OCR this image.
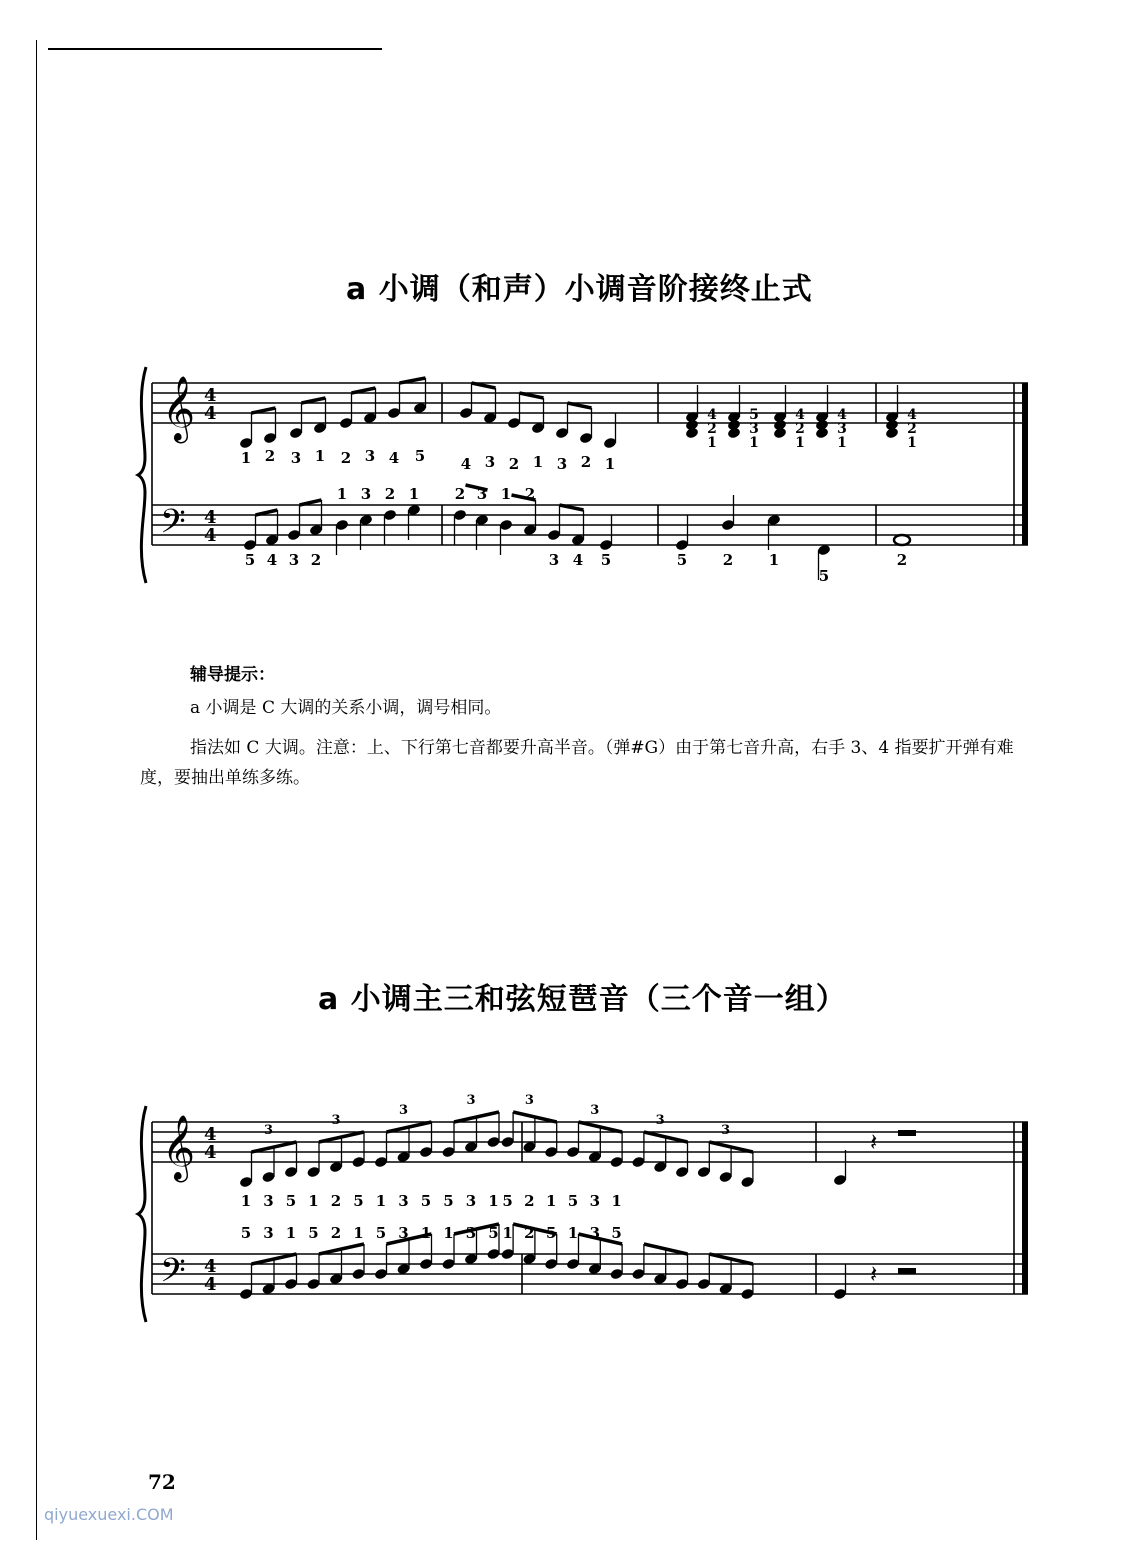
a 小调（和声）小调音阶接终止式
𝄞
𝄢
4
4
4
4
1 2 3 1 2 3 4 5 4 3 2 1 3 2 1
4
2
1
5
3
1
4
2
1
4
3
1
4
2
1
5 4 3 2	3 4 5
1 3 2 1 2 3 1 2
5 2 1
5
2
辅导提示：
a 小调是 C 大调的关系小调，调号相同。
指法如 C 大调。注意：上、下行第七音都要升高半音。（弹#G）由于第七音升高，右手 3、4 指要扩开弹有难度，要抽出单练多练。
a 小调主三和弦短琶音（三个音一组）
𝄞
𝄢
4
4
4
4
𝄽
𝄽
3
3
3
3	3
3
3
3
1 3 5 1 2 5 1 3 5 5 3 1 5 2 1 5 3 1
5 3 1 5 2 1 5 3 1 1 3 5 1 2 5 1 3 5
72
qiyuexuexi.COM
